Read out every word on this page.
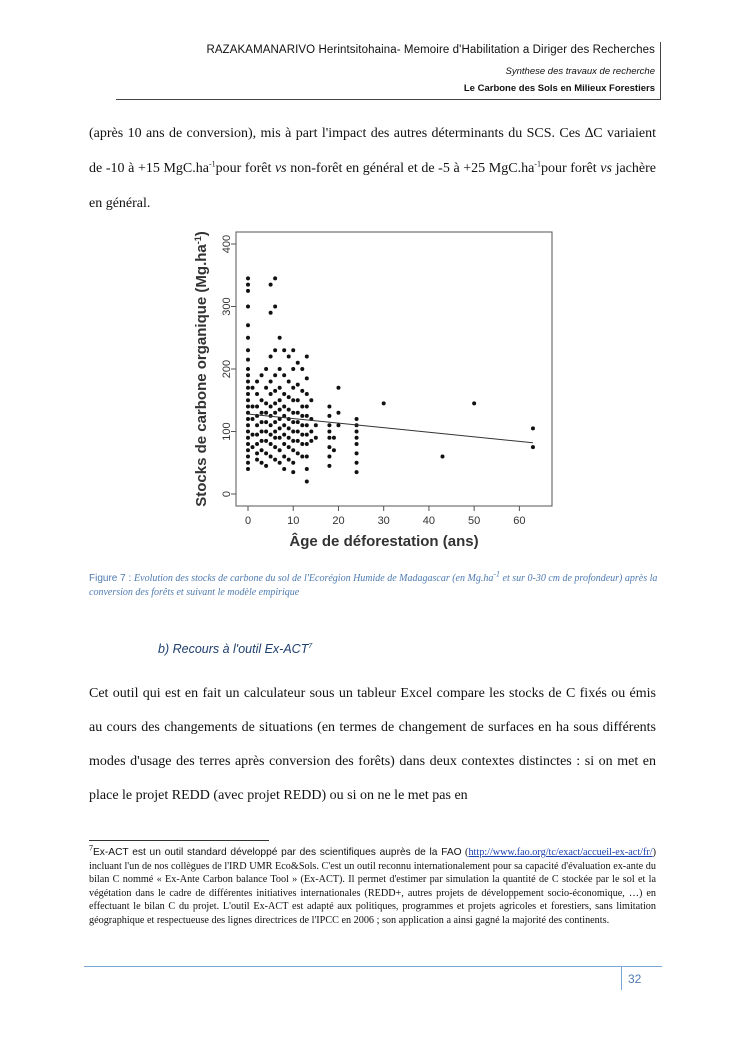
RAZAKAMANARIVO Herintsitohaina- Memoire d'Habilitation a Diriger des Recherches
Synthese des travaux de recherche
Le Carbone des Sols en Milieux Forestiers
(après 10 ans de conversion), mis à part l'impact des autres déterminants du SCS. Ces ∆C variaient de -10 à +15 $MgC.ha^{-1}pour$ forêt vs non-forêt en général et de -5 à +25 $MgC.ha^{-1}pour$ forêt vs jachère en général.
0	10	20	30	40	50	60
0
100
200
300
400
Âge de déforestation (ans)
Stocks de carbone organique $(Mg.ha^{-1})$
Figure 7 : Evolution des stocks de carbone du sol de l'Ecorégion Humide de Madagascar (en $Mg.ha^{-1}$ et sur 0-30 cm de profondeur) après la conversion des forêts et suivant le modèle empirique
b) Recours à l'outil Ex-ACT$^7$
Cet outil qui est en fait un calculateur sous un tableur Excel compare les stocks de C fixés ou émis au cours des changements de situations (en termes de changement de surfaces en ha sous différents modes d'usage des terres après conversion des forêts) dans deux contextes distinctes : si on met en place le projet REDD (avec projet REDD) ou si on ne le met pas en
$^7$Ex-ACT est un outil standard développé par des scientifiques auprès de la FAO (http://www.fao.org/tc/exact/accueil-ex-act/fr/) incluant l'un de nos collègues de l'IRD UMR Eco&Sols. C'est un outil reconnu internationalement pour sa capacité d'évaluation ex-ante du bilan C nommé « Ex-Ante Carbon balance Tool » (Ex-ACT). Il permet d'estimer par simulation la quantité de C stockée par le sol et la végétation dans le cadre de différentes initiatives internationales (REDD+, autres projets de développement socio-économique, …) en effectuant le bilan C du projet. L'outil Ex-ACT est adapté aux politiques, programmes et projets agricoles et forestiers, sans limitation géographique et respectueuse des lignes directrices de l'IPCC en 2006 ; son application a ainsi gagné la majorité des continents.
32
